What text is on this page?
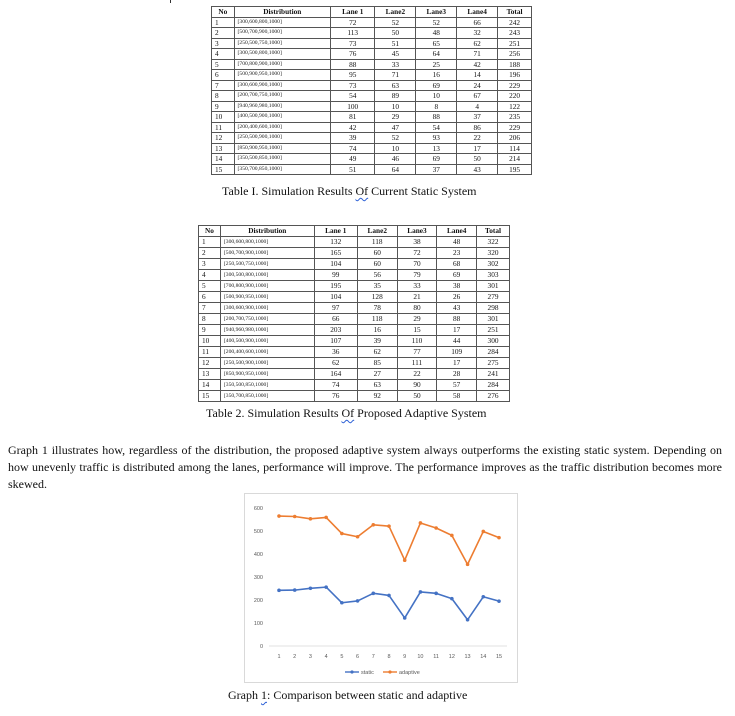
No	Distribution	Lane 1	Lane2	Lane3	Lane4	Total
1	[300,600,800,1000]	72	52	52	66	242
2	[500,700,900,1000]	113	50	48	32	243
3	[250,500,750,1000]	73	51	65	62	251
4	[300,500,800,1000]	76	45	64	71	256
5	[700,800,900,1000]	88	33	25	42	188
6	[500,900,950,1000]	95	71	16	14	196
7	[300,600,900,1000]	73	63	69	24	229
8	[200,700,750,1000]	54	89	10	67	220
9	[940,960,980,1000]	100	10	8	4	122
10	[400,500,900,1000]	81	29	88	37	235
11	[200,400,600,1000]	42	47	54	86	229
12	[250,500,900,1000]	39	52	93	22	206
13	[850,900,950,1000]	74	10	13	17	114
14	[350,500,850,1000]	49	46	69	50	214
15	[350,700,850,1000]	51	64	37	43	195
Table I. Simulation Results Of Current Static System
No	Distribution	Lane 1	Lane2	Lane3	Lane4	Total
1	[300,600,800,1000]	132	118	38	48	322
2	[500,700,900,1000]	165	60	72	23	320
3	[250,500,750,1000]	104	60	70	68	302
4	[300,500,800,1000]	99	56	79	69	303
5	[700,800,900,1000]	195	35	33	38	301
6	[500,900,950,1000]	104	128	21	26	279
7	[300,600,900,1000]	97	78	80	43	298
8	[200,700,750,1000]	66	118	29	88	301
9	[940,960,980,1000]	203	16	15	17	251
10	[400,500,900,1000]	107	39	110	44	300
11	[200,400,600,1000]	36	62	77	109	284
12	[250,500,900,1000]	62	85	111	17	275
13	[850,900,950,1000]	164	27	22	28	241
14	[350,500,850,1000]	74	63	90	57	284
15	[350,700,850,1000]	76	92	50	58	276
Table 2. Simulation Results Of Proposed Adaptive System

Graph 1 illustrates how, regardless of the distribution, the proposed adaptive system always outperforms the existing static system. Depending on how unevenly traffic is distributed among the lanes, performance will improve. The performance improves as the traffic distribution becomes more skewed.

0
100
200
300
400
500
600
1 2 3 4 5 6 7 8 9 10 11 12 13 14 15
static	adaptive
Graph 1: Comparison between static and adaptive
